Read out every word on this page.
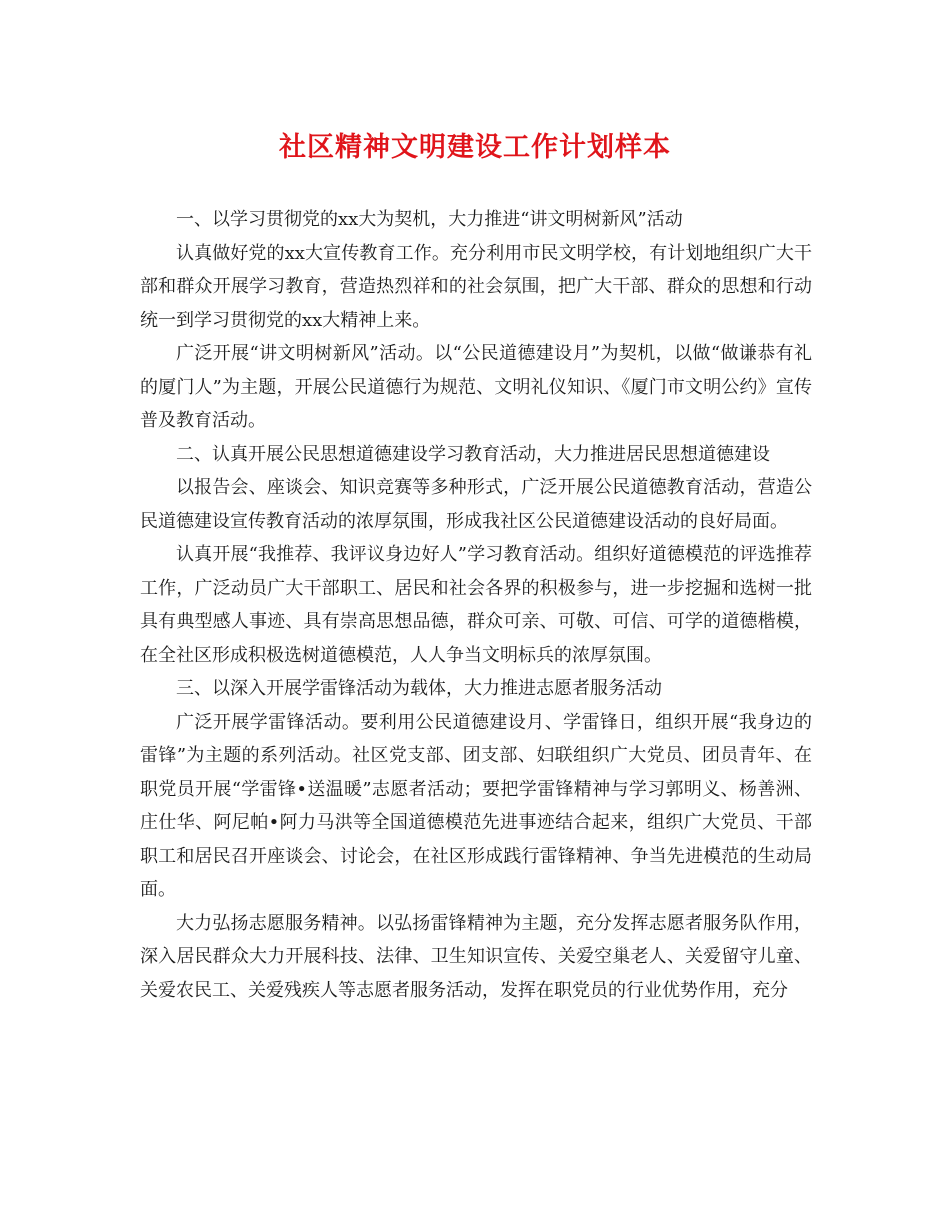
社区精神文明建设工作计划样本

一、以学习贯彻党的xx大为契机，大力推进“讲文明树新风”活动

认真做好党的xx大宣传教育工作。充分利用市民文明学校，有计划地组织广大干部和群众开展学习教育，营造热烈祥和的社会氛围，把广大干部、群众的思想和行动统一到学习贯彻党的xx大精神上来。

广泛开展“讲文明树新风”活动。以“公民道德建设月”为契机，以做“做谦恭有礼的厦门人”为主题，开展公民道德行为规范、文明礼仪知识、《厦门市文明公约》宣传普及教育活动。

二、认真开展公民思想道德建设学习教育活动，大力推进居民思想道德建设

以报告会、座谈会、知识竞赛等多种形式，广泛开展公民道德教育活动，营造公民道德建设宣传教育活动的浓厚氛围，形成我社区公民道德建设活动的良好局面。

认真开展“我推荐、我评议身边好人”学习教育活动。组织好道德模范的评选推荐工作，广泛动员广大干部职工、居民和社会各界的积极参与，进一步挖掘和选树一批具有典型感人事迹、具有崇高思想品德，群众可亲、可敬、可信、可学的道德楷模，在全社区形成积极选树道德模范，人人争当文明标兵的浓厚氛围。

三、以深入开展学雷锋活动为载体，大力推进志愿者服务活动

广泛开展学雷锋活动。要利用公民道德建设月、学雷锋日，组织开展“我身边的雷锋”为主题的系列活动。社区党支部、团支部、妇联组织广大党员、团员青年、在职党员开展“学雷锋•送温暖”志愿者活动；要把学雷锋精神与学习郭明义、杨善洲、庄仕华、阿尼帕•阿力马洪等全国道德模范先进事迹结合起来，组织广大党员、干部职工和居民召开座谈会、讨论会，在社区形成践行雷锋精神、争当先进模范的生动局面。

大力弘扬志愿服务精神。以弘扬雷锋精神为主题，充分发挥志愿者服务队作用，深入居民群众大力开展科技、法律、卫生知识宣传、关爱空巢老人、关爱留守儿童、关爱农民工、关爱残疾人等志愿者服务活动，发挥在职党员的行业优势作用，充分
